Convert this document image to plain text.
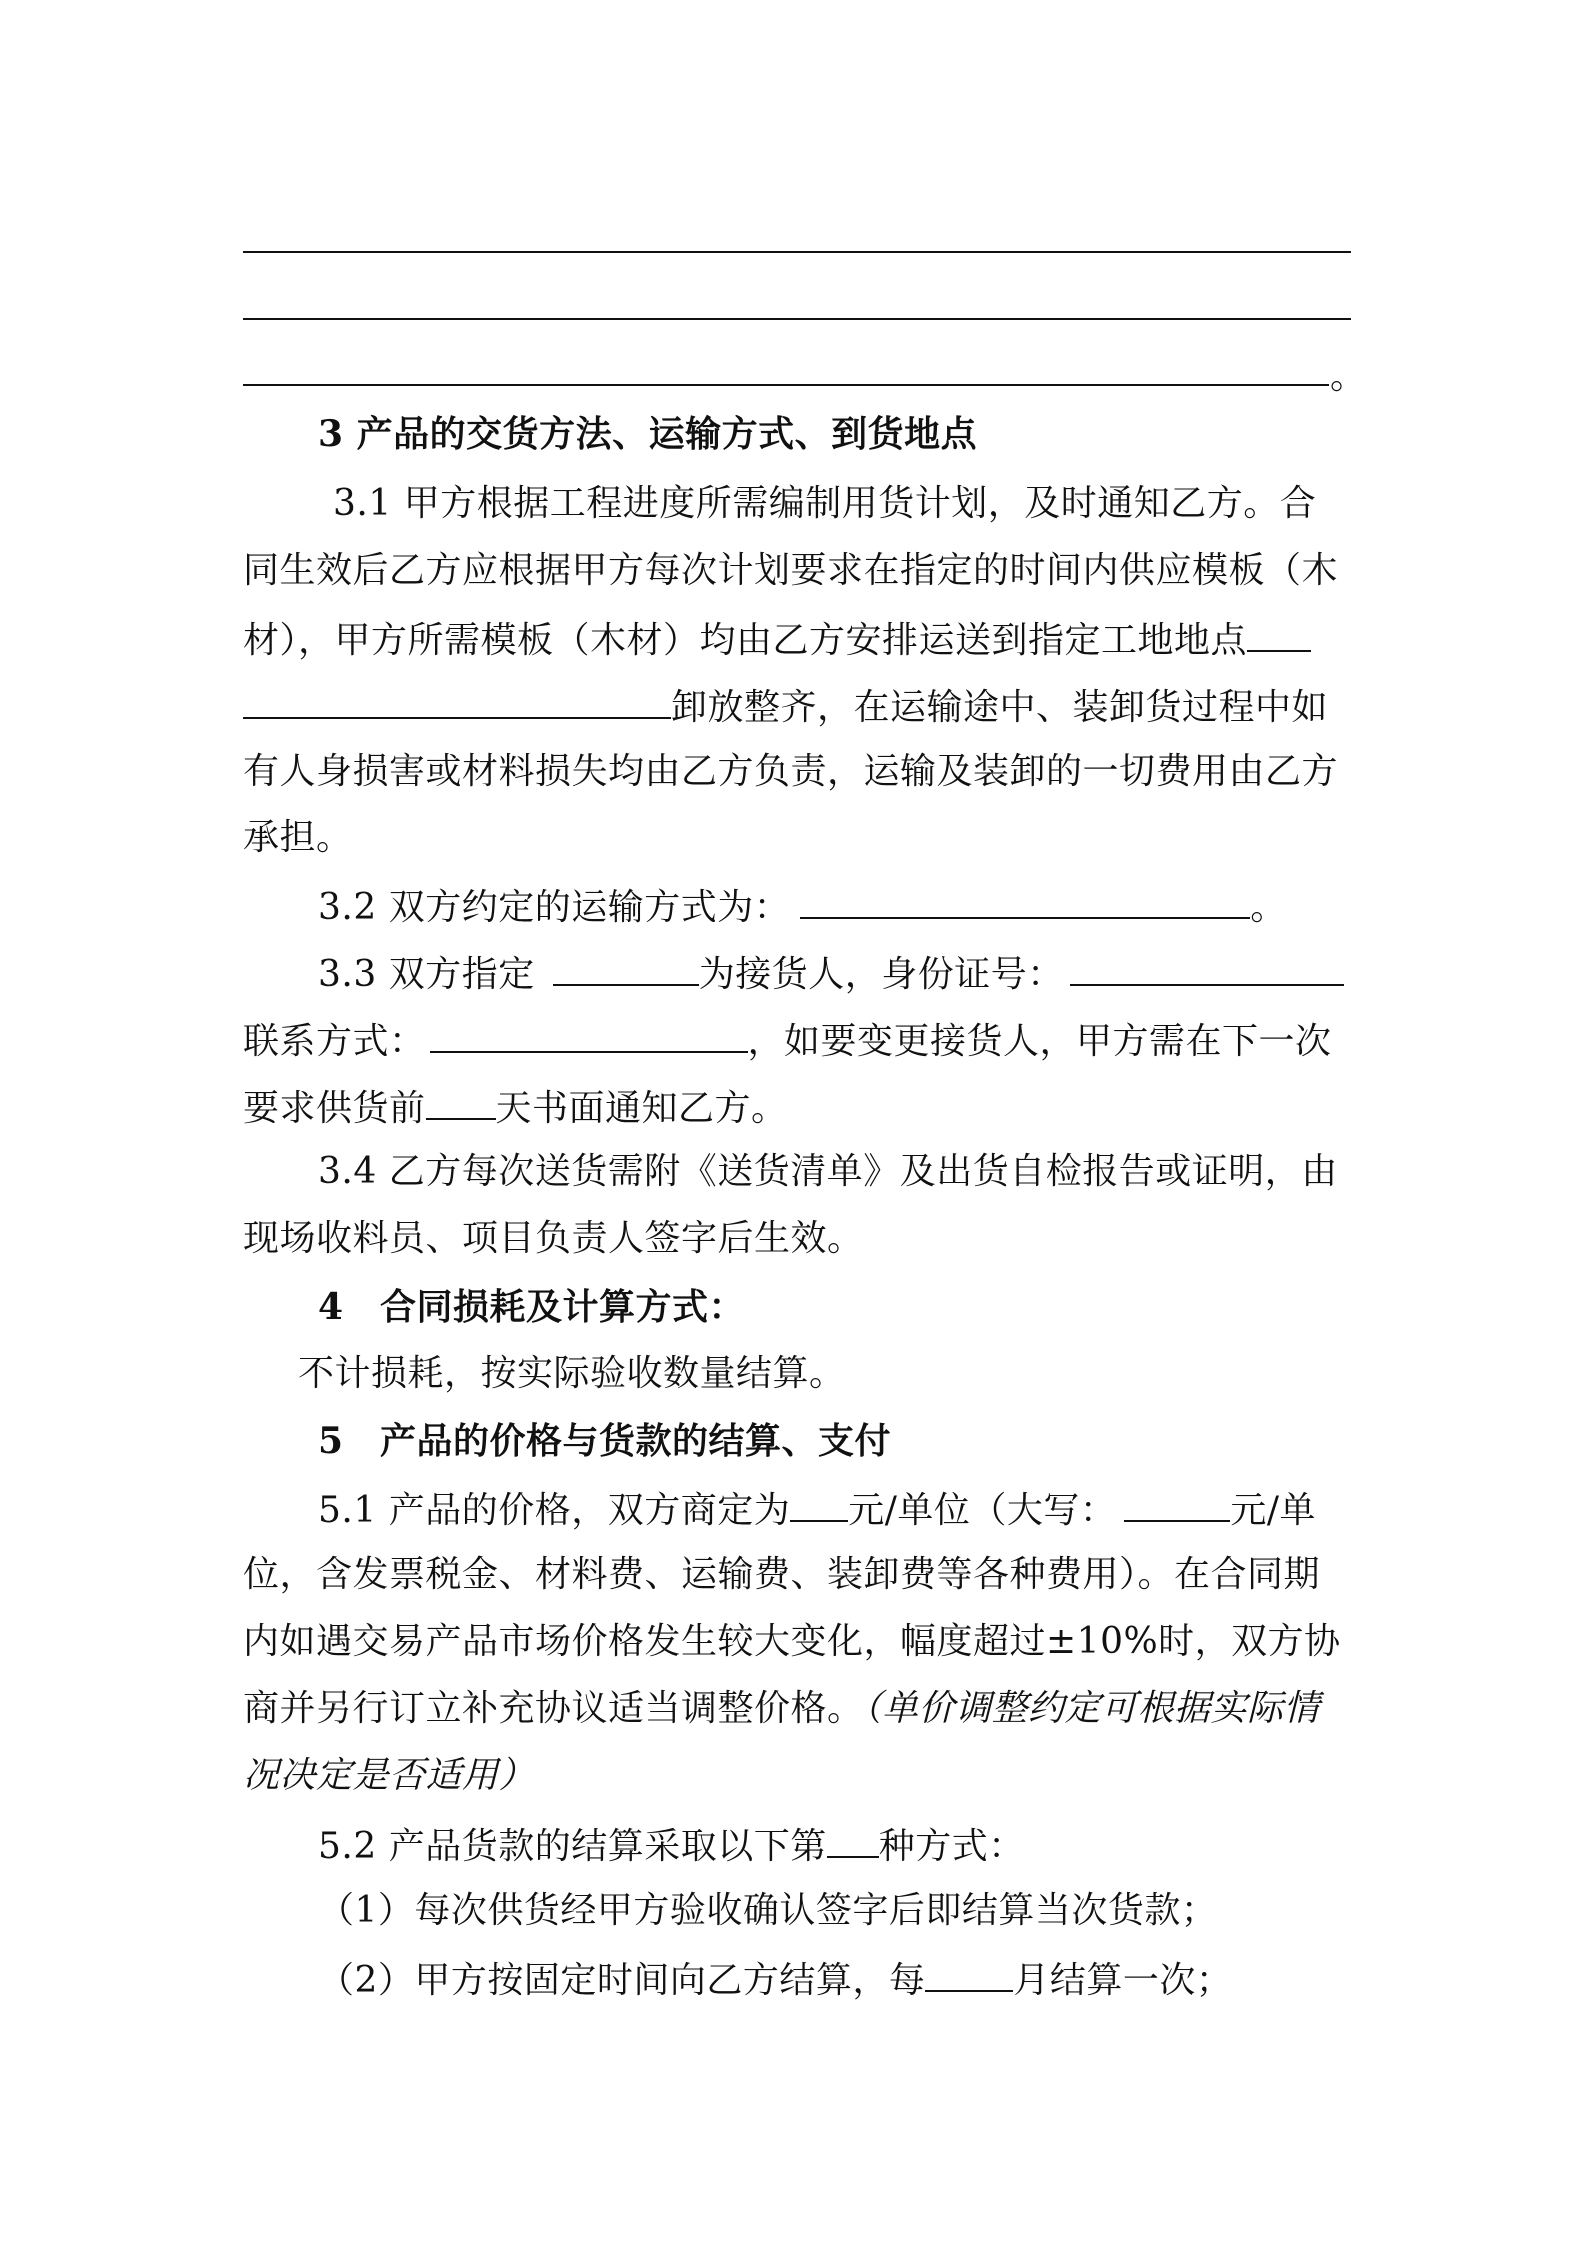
。
3 产品的交货方法、运输方式、到货地点
3.1 甲方根据工程进度所需编制用货计划，及时通知乙方。合
同生效后乙方应根据甲方每次计划要求在指定的时间内供应模板（木
材），甲方所需模板（木材）均由乙方安排运送到指定工地地点
卸放整齐，在运输途中、装卸货过程中如
有人身损害或材料损失均由乙方负责，运输及装卸的一切费用由乙方
承担。
3.2 双方约定的运输方式为：	。
3.3 双方指定	为接货人，身份证号：
联系方式：	，如要变更接货人，甲方需在下一次
要求供货前 天书面通知乙方。
3.4 乙方每次送货需附《送货清单》及出货自检报告或证明，由
现场收料员、项目负责人签字后生效。
4　合同损耗及计算方式：
不计损耗，按实际验收数量结算。
5　产品的价格与货款的结算、支付
5.1 产品的价格，双方商定为 元/单位（大写：	元/单
位，含发票税金、材料费、运输费、装卸费等各种费用）。在合同期
内如遇交易产品市场价格发生较大变化，幅度超过±10%时，双方协
商并另行订立补充协议适当调整价格。（单价调整约定可根据实际情
况决定是否适用）
5.2 产品货款的结算采取以下第 种方式：
（1）每次供货经甲方验收确认签字后即结算当次货款；
（2）甲方按固定时间向乙方结算，每 月结算一次；
